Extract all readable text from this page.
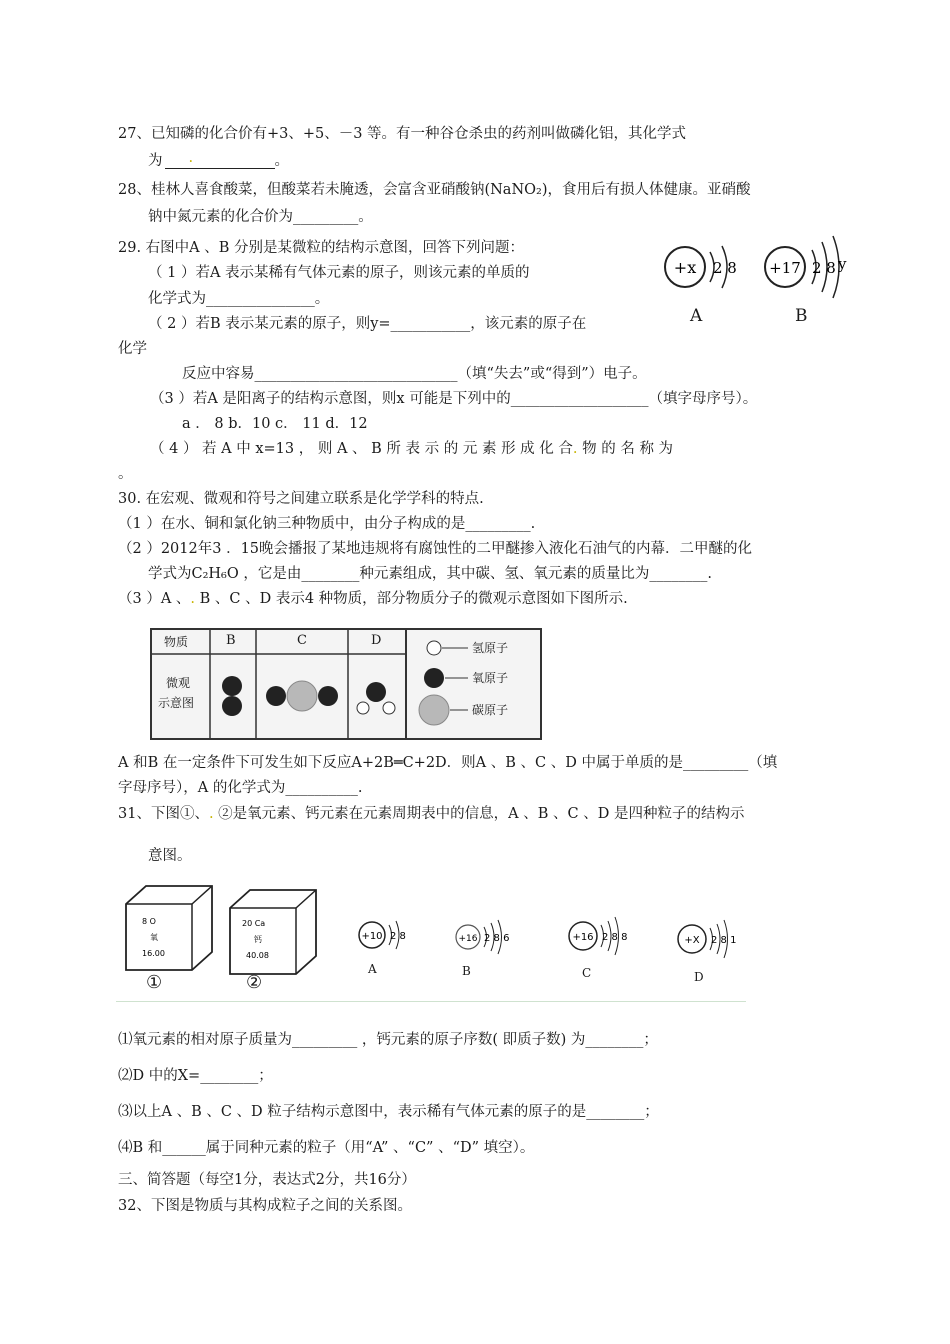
27、已知磷的化合价有+3、+5、－3 等。有一种谷仓杀虫的药剂叫做磷化铝，其化学式
为 .	。
28、桂林人喜食酸菜，但酸菜若未腌透，会富含亚硝酸钠(NaNO₂)，食用后有损人体健康。亚硝酸
钠中氮元素的化合价为_________。
29. 右图中A 、B 分别是某微粒的结构示意图，回答下列问题：
（ 1 ）若A 表示某稀有气体元素的原子，则该元素的单质的
化学式为_______________。
（ 2 ）若B 表示某元素的原子，则y=___________，该元素的原子在
化学
反应中容易____________________________（填“失去”或“得到”）电子。
（3 ）若A 是阳离子的结构示意图，则x 可能是下列中的___________________（填字母序号）。
a ． 8 b．10 c． 11 d．12
（ 4 ） 若 A 中 x=13 ， 则 A 、 B 所 表 示 的 元 素 形 成 化 合. 物 的 名 称 为
。
+x 2 8
A
+17 2 8 y
B
30. 在宏观、微观和符号之间建立联系是化学学科的特点.
（1 ）在水、铜和氯化钠三种物质中，由分子构成的是_________.
（2 ）2012年3 ．15晚会播报了某地违规将有腐蚀性的二甲醚掺入液化石油气的内幕．二甲醚的化
学式为C₂H₆O ，它是由________种元素组成，其中碳、氢、氧元素的质量比为________.
（3 ）A 、. B 、C 、D 表示4 种物质，部分物质分子的微观示意图如下图所示.
物质	B	C	D
微观
示意图
氢原子
氧原子
碳原子
A 和B 在一定条件下可发生如下反应A+2B═C+2D．则A 、B 、C 、D 中属于单质的是_________（填
字母序号），A 的化学式为__________.
31、下图①、. ②是氧元素、钙元素在元素周期表中的信息，A 、B 、C 、D 是四种粒子的结构示
意图。
8 O
氧
16.00
①
20 Ca
钙
40.08
②
+10 2 8
A
+16 2 8 6
B
+16 2 8 8
C
+X 2 8 1
D
⑴氧元素的相对原子质量为_________ ，钙元素的原子序数( 即质子数) 为________；
⑵D 中的X=________；
⑶以上A 、B 、C 、D 粒子结构示意图中，表示稀有气体元素的原子的是________；
⑷B 和______属于同种元素的粒子（用“A” 、“C” 、“D” 填空）。
三、简答题（每空1分，表达式2分，共16分）
32、下图是物质与其构成粒子之间的关系图。
